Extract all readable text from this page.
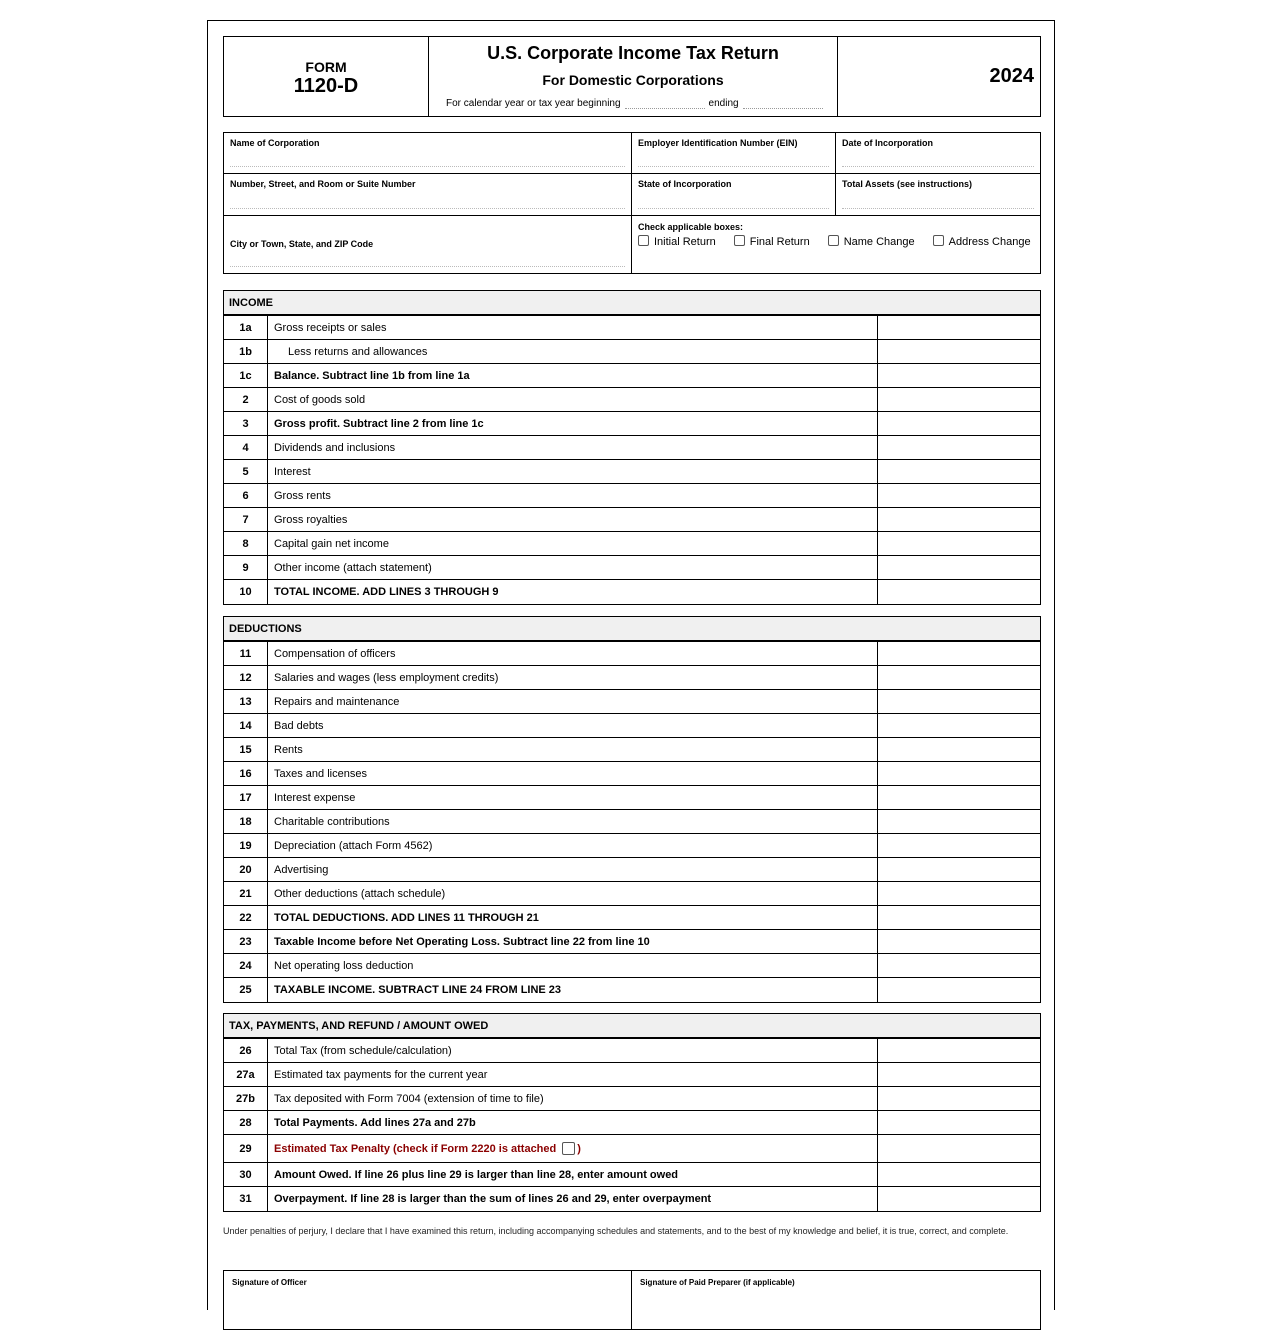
FORM
1120-D
U.S. Corporate Income Tax Return
For Domestic Corporations
For calendar year or tax year beginning	ending
2024
Name of Corporation	Employer Identification Number (EIN)	Date of Incorporation
Number, Street, and Room or Suite Number	State of Incorporation	Total Assets (see instructions)
City or Town, State, and ZIP Code
Check applicable boxes:
Initial Return	Final Return	Name Change	Address Change
INCOME
1a	Gross receipts or sales
1b	Less returns and allowances
1c	Balance. Subtract line 1b from line 1a
2	Cost of goods sold
3	Gross profit. Subtract line 2 from line 1c
4	Dividends and inclusions
5	Interest
6	Gross rents
7	Gross royalties
8	Capital gain net income
9	Other income (attach statement)
10	TOTAL INCOME. ADD LINES 3 THROUGH 9
DEDUCTIONS
11	Compensation of officers
12	Salaries and wages (less employment credits)
13	Repairs and maintenance
14	Bad debts
15	Rents
16	Taxes and licenses
17	Interest expense
18	Charitable contributions
19	Depreciation (attach Form 4562)
20	Advertising
21	Other deductions (attach schedule)
22	TOTAL DEDUCTIONS. ADD LINES 11 THROUGH 21
23	Taxable Income before Net Operating Loss. Subtract line 22 from line 10
24	Net operating loss deduction
25	TAXABLE INCOME. SUBTRACT LINE 24 FROM LINE 23
TAX, PAYMENTS, AND REFUND / AMOUNT OWED
26	Total Tax (from schedule/calculation)
27a	Estimated tax payments for the current year
27b	Tax deposited with Form 7004 (extension of time to file)
28	Total Payments. Add lines 27a and 27b
29	Estimated Tax Penalty (check if Form 2220 is attached )
30	Amount Owed. If line 26 plus line 29 is larger than line 28, enter amount owed
31	Overpayment. If line 28 is larger than the sum of lines 26 and 29, enter overpayment
Under penalties of perjury, I declare that I have examined this return, including accompanying schedules and statements, and to the best of my knowledge and belief, it is true, correct, and complete.
Signature of Officer	Signature of Paid Preparer (if applicable)
